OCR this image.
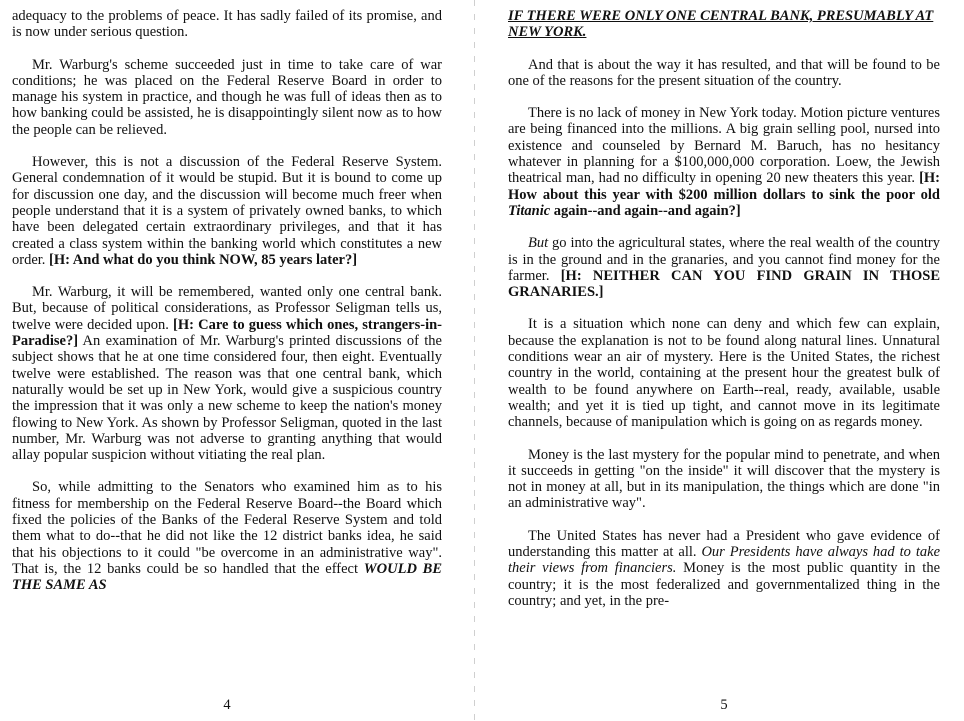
adequacy to the problems of peace. It has sadly failed of its promise, and is now under serious question.

Mr. Warburg's scheme succeeded just in time to take care of war conditions; he was placed on the Federal Reserve Board in order to manage his system in practice, and though he was full of ideas then as to how banking could be assisted, he is disappointingly silent now as to how the people can be relieved.

However, this is not a discussion of the Federal Reserve System. General condemnation of it would be stupid. But it is bound to come up for discussion one day, and the discussion will become much freer when people understand that it is a system of privately owned banks, to which have been delegated certain extraordinary privileges, and that it has created a class system within the banking world which constitutes a new order. [H: And what do you think NOW, 85 years later?]

Mr. Warburg, it will be remembered, wanted only one central bank. But, because of political considerations, as Professor Seligman tells us, twelve were decided upon. [H: Care to guess which ones, strangers-in-Paradise?] An examination of Mr. Warburg's printed discussions of the subject shows that he at one time considered four, then eight. Eventually twelve were established. The reason was that one central bank, which naturally would be set up in New York, would give a suspicious country the impression that it was only a new scheme to keep the nation's money flowing to New York. As shown by Professor Seligman, quoted in the last number, Mr. Warburg was not adverse to granting anything that would allay popular suspicion without vitiating the real plan.

So, while admitting to the Senators who examined him as to his fitness for membership on the Federal Reserve Board--the Board which fixed the policies of the Banks of the Federal Reserve System and told them what to do--that he did not like the 12 district banks idea, he said that his objections to it could "be overcome in an administrative way". That is, the 12 banks could be so handled that the effect WOULD BE THE SAME AS

4

IF THERE WERE ONLY ONE CENTRAL BANK, PRESUMABLY AT NEW YORK.

And that is about the way it has resulted, and that will be found to be one of the reasons for the present situation of the country.

There is no lack of money in New York today. Motion picture ventures are being financed into the millions. A big grain selling pool, nursed into existence and counseled by Bernard M. Baruch, has no hesitancy whatever in planning for a $100,000,000 corporation. Loew, the Jewish theatrical man, had no difficulty in opening 20 new theaters this year. [H: How about this year with $200 million dollars to sink the poor old Titanic again--and again--and again?]

But go into the agricultural states, where the real wealth of the country is in the ground and in the granaries, and you cannot find money for the farmer. [H: NEITHER CAN YOU FIND GRAIN IN THOSE GRANARIES.]

It is a situation which none can deny and which few can explain, because the explanation is not to be found along natural lines. Unnatural conditions wear an air of mystery. Here is the United States, the richest country in the world, containing at the present hour the greatest bulk of wealth to be found anywhere on Earth--real, ready, available, usable wealth; and yet it is tied up tight, and cannot move in its legitimate channels, because of manipulation which is going on as regards money.

Money is the last mystery for the popular mind to penetrate, and when it succeeds in getting "on the inside" it will discover that the mystery is not in money at all, but in its manipulation, the things which are done "in an administrative way".

The United States has never had a President who gave evidence of understanding this matter at all. Our Presidents have always had to take their views from financiers. Money is the most public quantity in the country; it is the most federalized and governmentalized thing in the country; and yet, in the pre-

5
